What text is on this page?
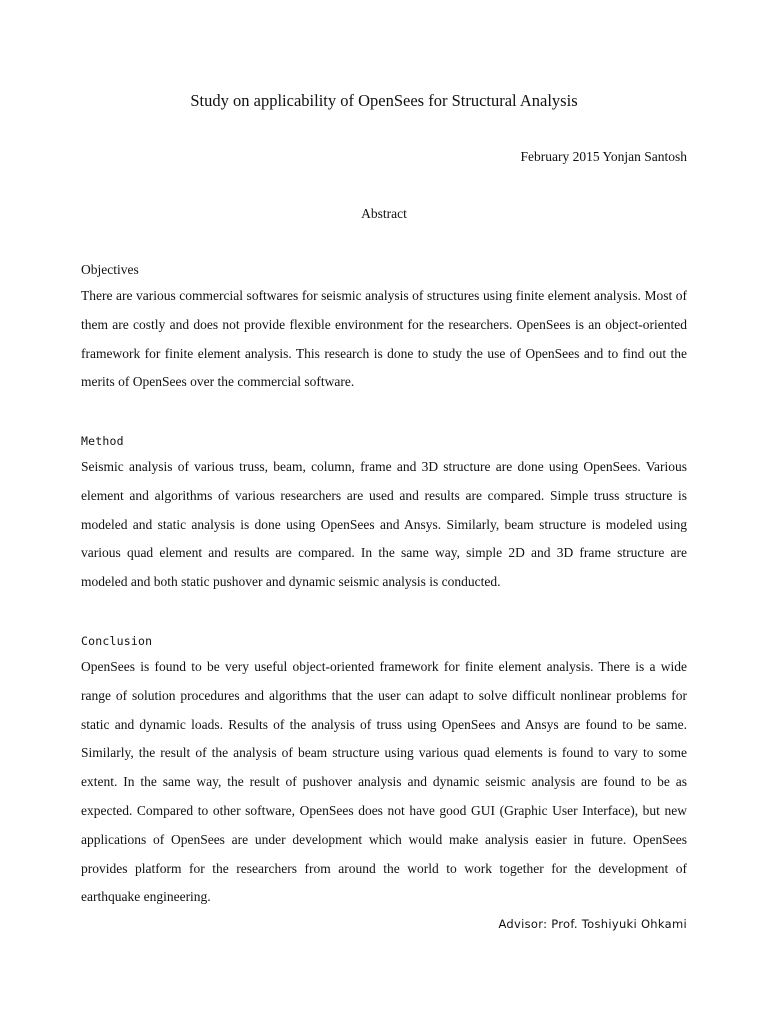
Study on applicability of OpenSees for Structural Analysis
February 2015 Yonjan Santosh
Abstract

Objectives

There are various commercial softwares for seismic analysis of structures using finite element analysis. Most of them are costly and does not provide flexible environment for the researchers. OpenSees is an object-oriented framework for finite element analysis. This research is done to study the use of OpenSees and to find out the merits of OpenSees over the commercial software.

Method

Seismic analysis of various truss, beam, column, frame and 3D structure are done using OpenSees. Various element and algorithms of various researchers are used and results are compared. Simple truss structure is modeled and static analysis is done using OpenSees and Ansys. Similarly, beam structure is modeled using various quad element and results are compared. In the same way, simple 2D and 3D frame structure are modeled and both static pushover and dynamic seismic analysis is conducted.

Conclusion

OpenSees is found to be very useful object-oriented framework for finite element analysis. There is a wide range of solution procedures and algorithms that the user can adapt to solve difficult nonlinear problems for static and dynamic loads. Results of the analysis of truss using OpenSees and Ansys are found to be same. Similarly, the result of the analysis of beam structure using various quad elements is found to vary to some extent. In the same way, the result of pushover analysis and dynamic seismic analysis are found to be as expected. Compared to other software, OpenSees does not have good GUI (Graphic User Interface), but new applications of OpenSees are under development which would make analysis easier in future. OpenSees provides platform for the researchers from around the world to work together for the development of earthquake engineering.

Advisor: Prof. Toshiyuki Ohkami
